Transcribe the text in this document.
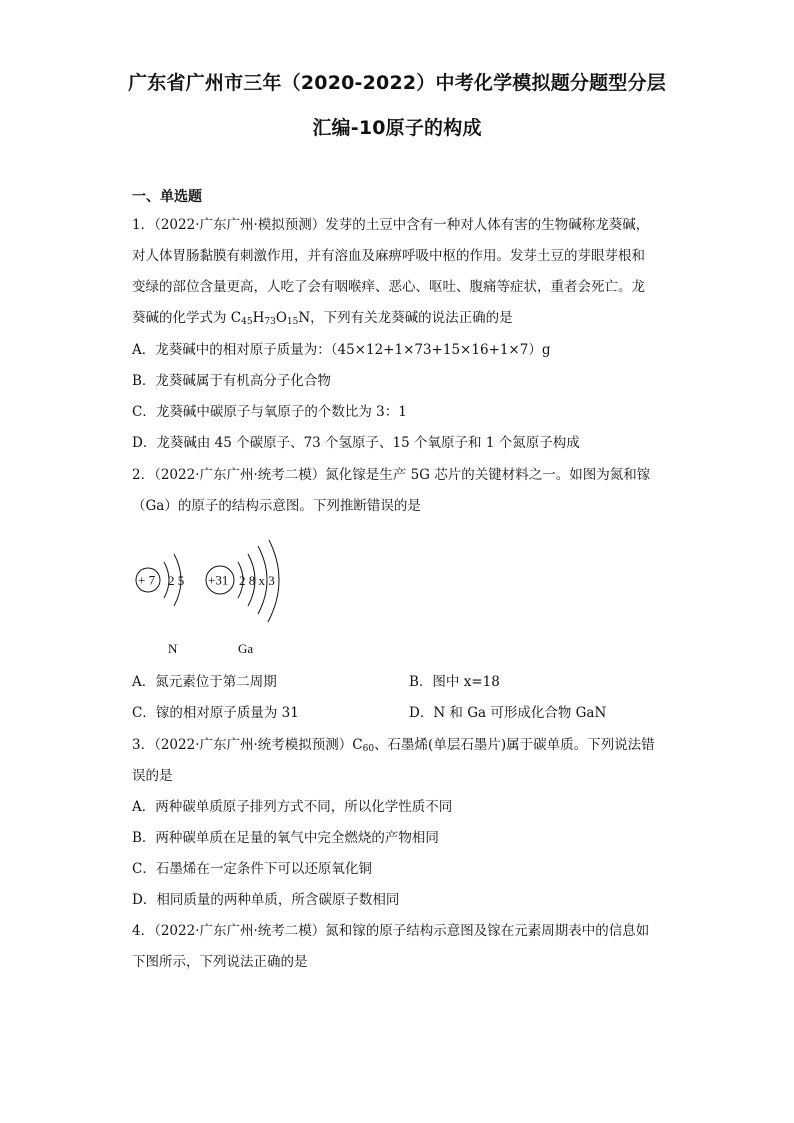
广东省广州市三年（2020-2022）中考化学模拟题分题型分层
汇编-10原子的构成
一、单选题
1．（2022·广东广州·模拟预测）发芽的土豆中含有一种对人体有害的生物碱称龙葵碱，
对人体胃肠黏膜有刺激作用，并有溶血及麻痹呼吸中枢的作用。发芽土豆的芽眼芽根和
变绿的部位含量更高，人吃了会有咽喉痒、恶心、呕吐、腹痛等症状，重者会死亡。龙
葵碱的化学式为 $C_{45}H_{73}O_{15}N$，下列有关龙葵碱的说法正确的是
A．龙葵碱中的相对原子质量为：（45×12+1×73+15×16+1×7）g
B．龙葵碱属于有机高分子化合物
C．龙葵碱中碳原子与氧原子的个数比为 3：1
D．龙葵碱由 45 个碳原子、73 个氢原子、15 个氧原子和 1 个氮原子构成
2．（2022·广东广州·统考二模）氮化镓是生产 5G 芯片的关键材料之一。如图为氮和镓
（Ga）的原子的结构示意图。下列推断错误的是
+ 7 2 5
N
+31 2 8 x 3
Ga
A．氮元素位于第二周期	B．图中 x=18
C．镓的相对原子质量为 31	D．N 和 Ga 可形成化合物 GaN
3．（2022·广东广州·统考模拟预测）$C_{60}$、石墨烯(单层石墨片)属于碳单质。下列说法错
误的是
A．两种碳单质原子排列方式不同，所以化学性质不同
B．两种碳单质在足量的氧气中完全燃烧的产物相同
C．石墨烯在一定条件下可以还原氧化铜
D．相同质量的两种单质，所含碳原子数相同
4．（2022·广东广州·统考二模）氮和镓的原子结构示意图及镓在元素周期表中的信息如
下图所示，下列说法正确的是
